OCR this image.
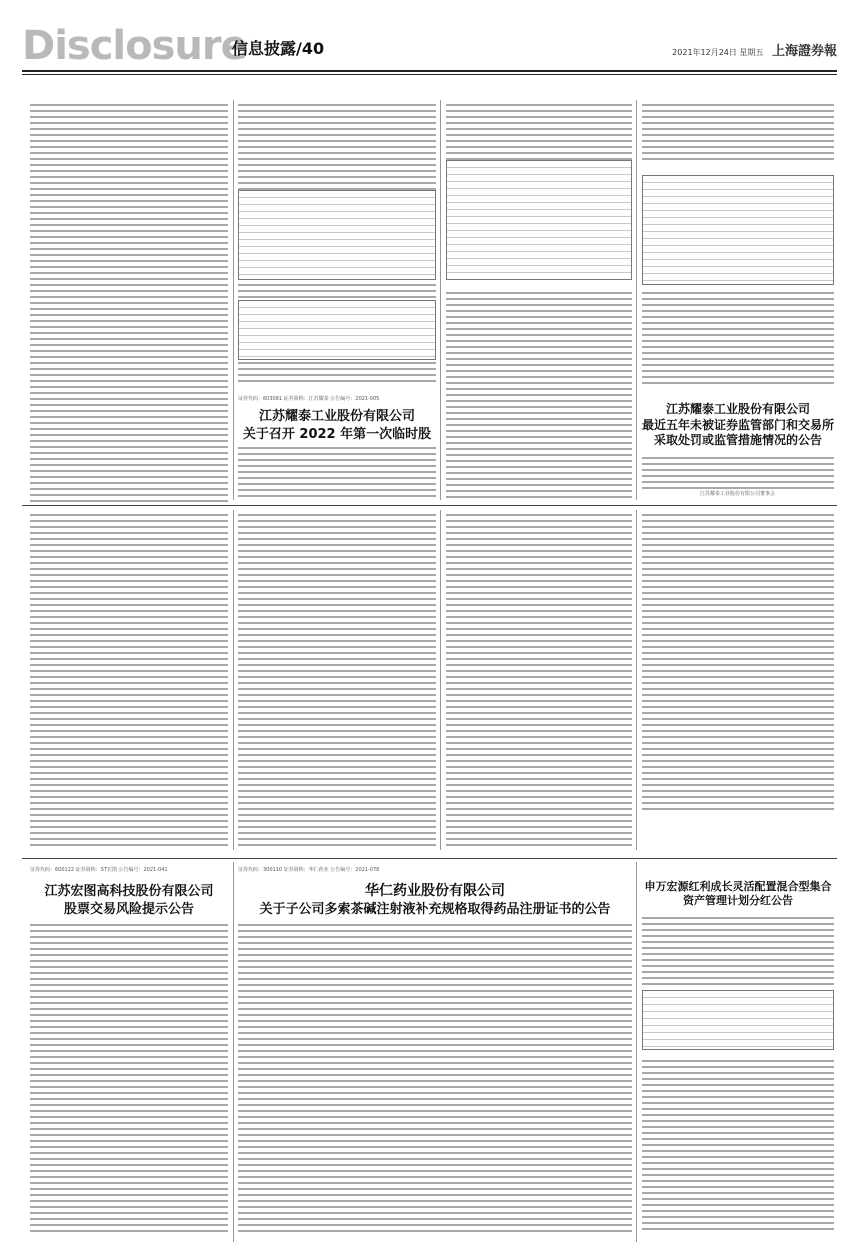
Disclosure
信息披露/40	2021年12月24日 星期五 上海證券報
证券代码：603081 证券简称：江苏耀泰 公告编号：2021-005
江苏耀泰工业股份有限公司
关于召开 2022 年第一次临时股
江苏耀泰工业股份有限公司
最近五年未被证券监管部门和交易所采取处罚或监管措施情况的公告
江苏耀泰工业股份有限公司董事会
证券代码：600122 证券简称：ST宏图 公告编号：2021-041
江苏宏图高科技股份有限公司
股票交易风险提示公告
证券代码：300110 证券简称：华仁药业 公告编号：2021-078
华仁药业股份有限公司
关于子公司多索茶碱注射液补充规格取得药品注册证书的公告
申万宏源红利成长灵活配置混合型集合资产管理计划分红公告
